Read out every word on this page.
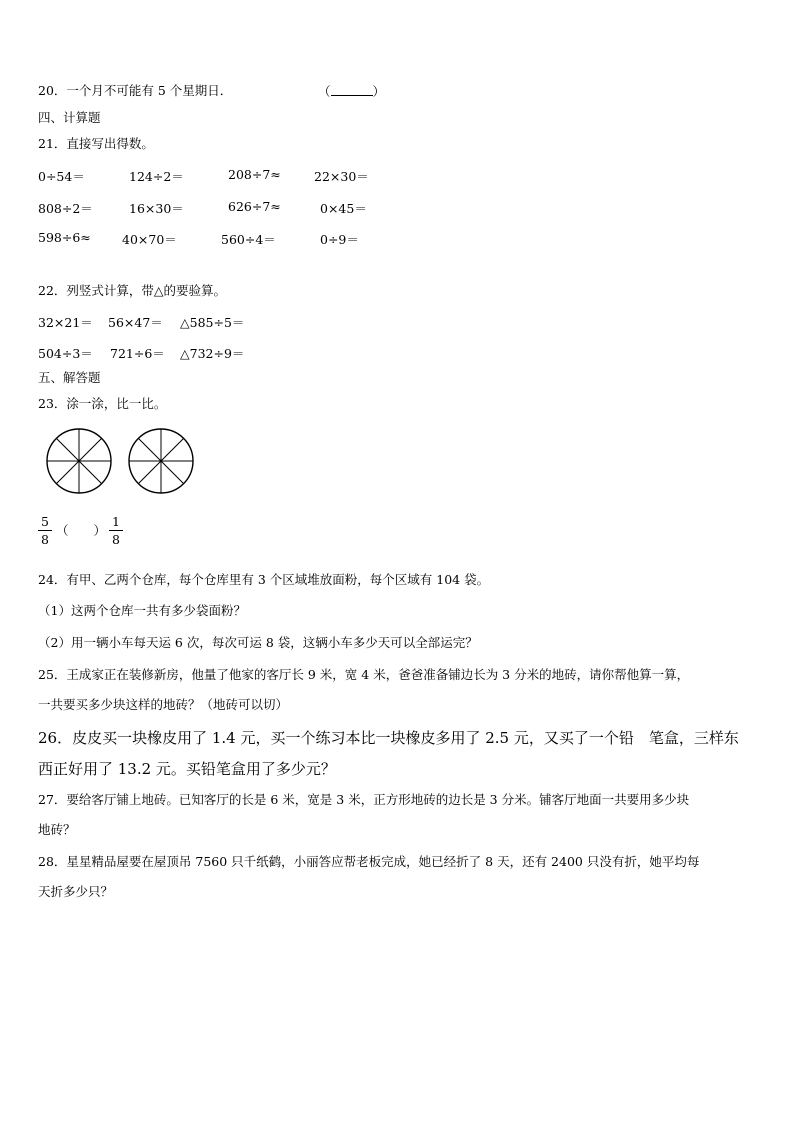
20．一个月不可能有 5 个星期日．	（	）
四、计算题
21．直接写出得数。
0÷54＝	124÷2＝	208÷7≈	22×30＝
808÷2＝	16×30＝	626÷7≈	0×45＝
598÷6≈ 40×70＝	560÷4＝	0÷9＝
22．列竖式计算，带△的要验算。
32×21＝ 56×47＝ △585÷5＝
504÷3＝ 721÷6＝ △732÷9＝
五、解答题
23．涂一涂，比一比。
5
8
（　　）
1
8
24．有甲、乙两个仓库，每个仓库里有 3 个区域堆放面粉，每个区域有 104 袋。
（1）这两个仓库一共有多少袋面粉？
（2）用一辆小车每天运 6 次，每次可运 8 袋，这辆小车多少天可以全部运完？
25．王成家正在装修新房，他量了他家的客厅长 9 米，宽 4 米，爸爸准备铺边长为 3 分米的地砖，请你帮他算一算，
一共要买多少块这样的地砖？（地砖可以切）
26．皮皮买一块橡皮用了 1.4 元，买一个练习本比一块橡皮多用了 2.5 元，又买了一个铅　笔盒，三样东
西正好用了 13.2 元。买铅笔盒用了多少元？
27．要给客厅铺上地砖。已知客厅的长是 6 米，宽是 3 米，正方形地砖的边长是 3 分米。铺客厅地面一共要用多少块
地砖？
28．星星精品屋要在屋顶吊 7560 只千纸鹤，小丽答应帮老板完成，她已经折了 8 天，还有 2400 只没有折，她平均每
天折多少只？
